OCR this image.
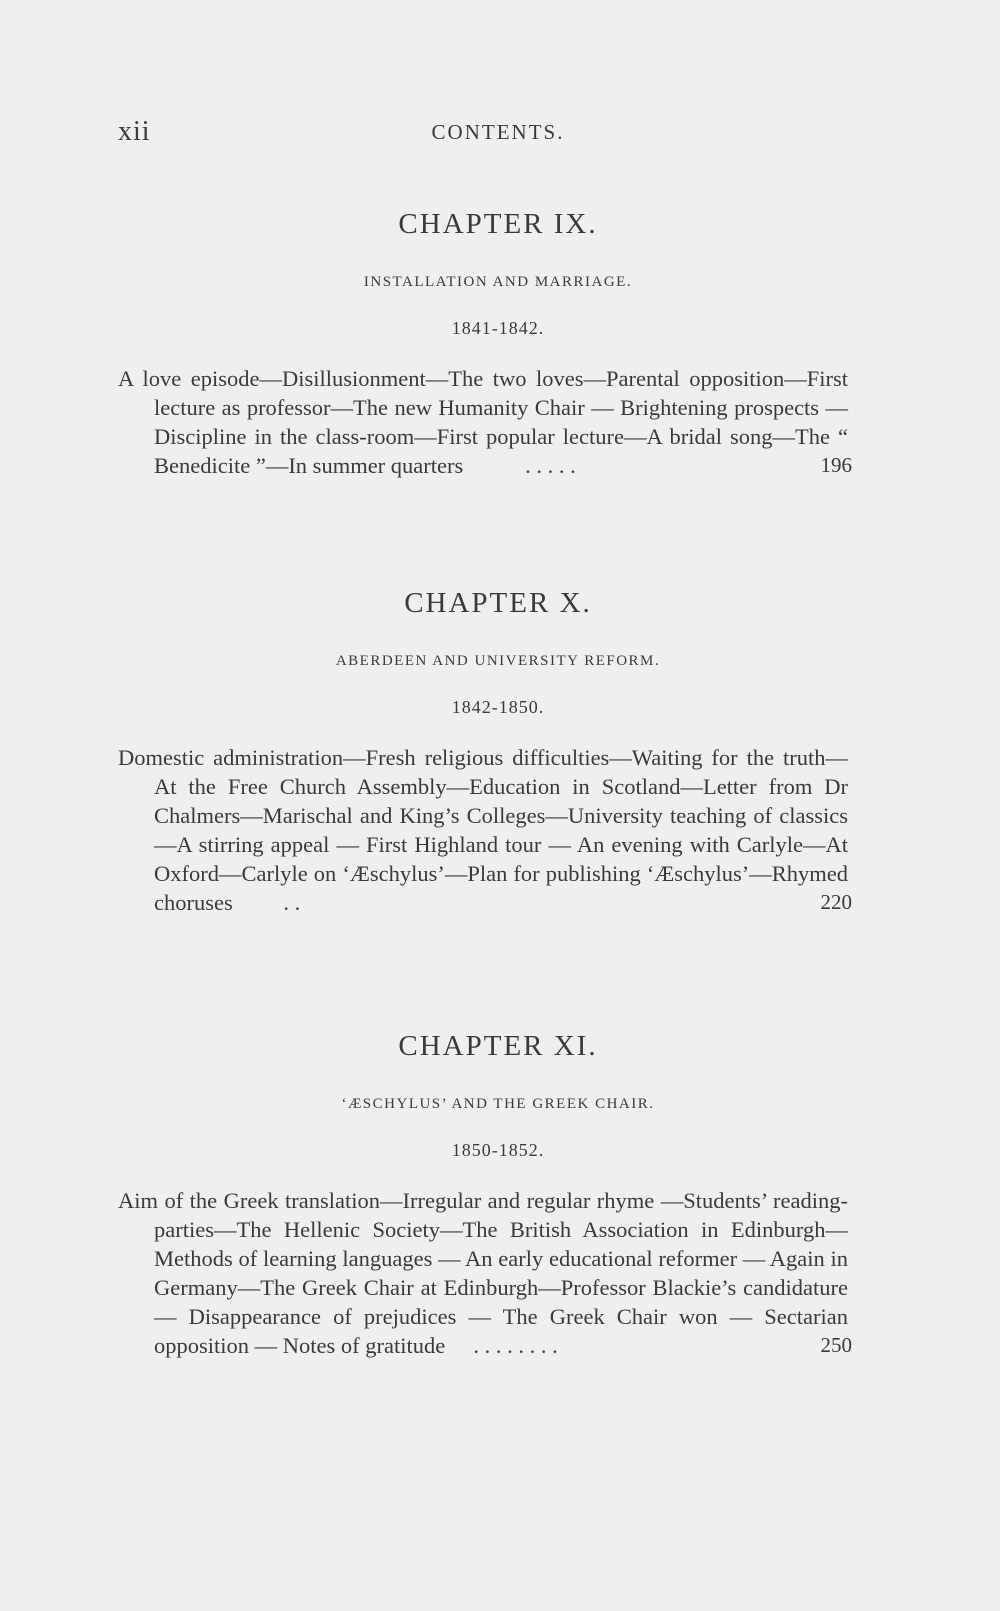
xii	CONTENTS.
CHAPTER IX.
INSTALLATION AND MARRIAGE.
1841-1842.
A love episode—Disillusionment—The two loves—Parental opposition—First lecture as professor—The new Humanity Chair — Brightening prospects — Discipline in the class-room—First popular lecture—A bridal song—The “ Benedicite ”—In summer quarters	. . . . .	196
CHAPTER X.
ABERDEEN AND UNIVERSITY REFORM.
1842-1850.
Domestic administration—Fresh religious difficulties—Waiting for the truth—At the Free Church Assembly—Education in Scotland—Letter from Dr Chalmers—Marischal and King’s Colleges—University teaching of classics—A stirring appeal — First Highland tour — An evening with Carlyle—At Oxford—Carlyle on ‘Æschylus’—Plan for publishing ‘Æschylus’—Rhymed choruses . .	220
CHAPTER XI.
‘ÆSCHYLUS’ AND THE GREEK CHAIR.
1850-1852.
Aim of the Greek translation—Irregular and regular rhyme —Students’ reading-parties—The Hellenic Society—The British Association in Edinburgh—Methods of learning languages — An early educational reformer — Again in Germany—The Greek Chair at Edinburgh—Professor Blackie’s candidature — Disappearance of prejudices — The Greek Chair won — Sectarian opposition — Notes of gratitude . . . . . . . .	250
